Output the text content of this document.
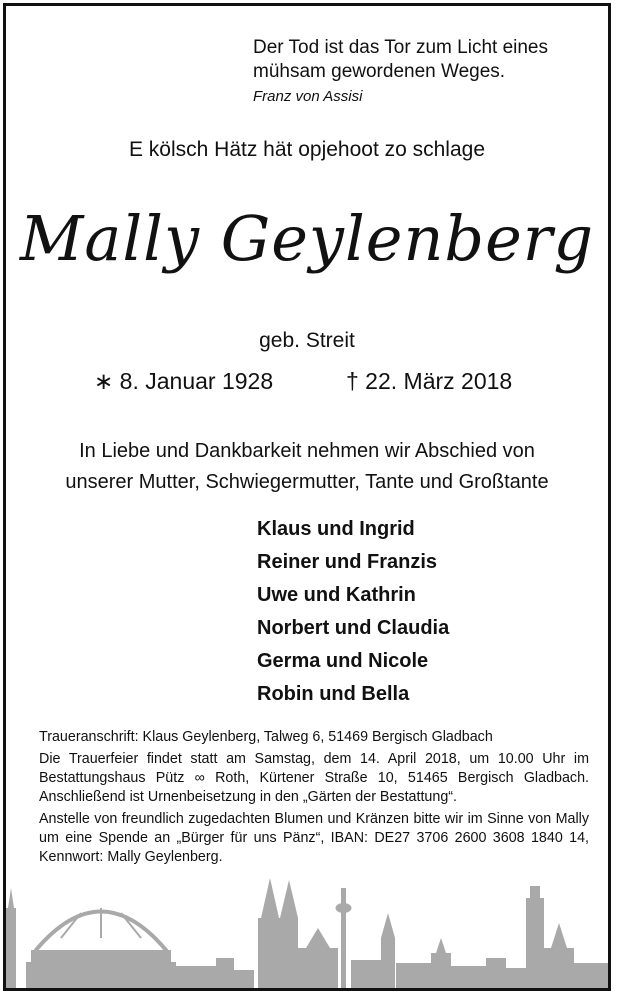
Der Tod ist das Tor zum Licht eines
mühsam gewordenen Weges.
Franz von Assisi
E kölsch Hätz hät opjehoot zo schlage
Mally Geylenberg
geb. Streit
∗ 8. Januar 1928	† 22. März 2018
In Liebe und Dankbarkeit nehmen wir Abschied von
unserer Mutter, Schwiegermutter, Tante und Großtante
Klaus und Ingrid
Reiner und Franzis
Uwe und Kathrin
Norbert und Claudia
Germa und Nicole
Robin und Bella

Traueranschrift: Klaus Geylenberg, Talweg 6, 51469 Bergisch Gladbach

Die Trauerfeier findet statt am Samstag, dem 14. April 2018, um 10.00 Uhr im Bestattungshaus Pütz ∞ Roth, Kürtener Straße 10, 51465 Bergisch Gladbach. Anschließend ist Urnenbeisetzung in den „Gärten der Bestattung“.

Anstelle von freundlich zugedachten Blumen und Kränzen bitte wir im Sinne von Mally um eine Spende an „Bürger für uns Pänz“, IBAN: DE27 3706 2600 3608 1840 14, Kennwort: Mally Geylenberg.
